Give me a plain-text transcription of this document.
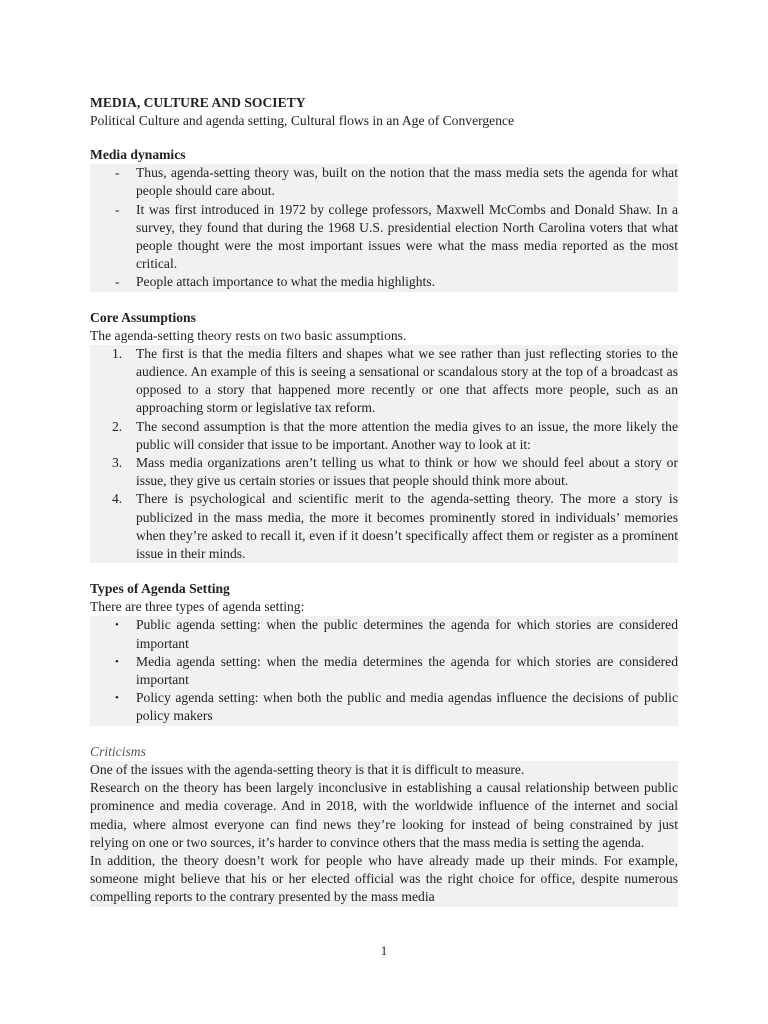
MEDIA, CULTURE AND SOCIETY
Political Culture and agenda setting, Cultural flows in an Age of Convergence
Media dynamics
-	Thus, agenda-setting theory was, built on the notion that the mass media sets the agenda for what people should care about.
-	It was first introduced in 1972 by college professors, Maxwell McCombs and Donald Shaw. In a survey, they found that during the 1968 U.S. presidential election North Carolina voters that what people thought were the most important issues were what the mass media reported as the most critical.
-	People attach importance to what the media highlights.
Core Assumptions

The agenda-setting theory rests on two basic assumptions.

1.	The first is that the media filters and shapes what we see rather than just reflecting stories to the audience. An example of this is seeing a sensational or scandalous story at the top of a broadcast as opposed to a story that happened more recently or one that affects more people, such as an approaching storm or legislative tax reform.
2.	The second assumption is that the more attention the media gives to an issue, the more likely the public will consider that issue to be important. Another way to look at it:
3.	Mass media organizations aren’t telling us what to think or how we should feel about a story or issue, they give us certain stories or issues that people should think more about.
4.	There is psychological and scientific merit to the agenda-setting theory. The more a story is publicized in the mass media, the more it becomes prominently stored in individuals’ memories when they’re asked to recall it, even if it doesn’t specifically affect them or register as a prominent issue in their minds.
Types of Agenda Setting

There are three types of agenda setting:

•	Public agenda setting: when the public determines the agenda for which stories are considered important
•	Media agenda setting: when the media determines the agenda for which stories are considered important
•	Policy agenda setting: when both the public and media agendas influence the decisions of public policy makers

Criticisms

One of the issues with the agenda-setting theory is that it is difficult to measure.

Research on the theory has been largely inconclusive in establishing a causal relationship between public prominence and media coverage. And in 2018, with the worldwide influence of the internet and social media, where almost everyone can find news they’re looking for instead of being constrained by just relying on one or two sources, it’s harder to convince others that the mass media is setting the agenda.

In addition, the theory doesn’t work for people who have already made up their minds. For example, someone might believe that his or her elected official was the right choice for office, despite numerous compelling reports to the contrary presented by the mass media

1
